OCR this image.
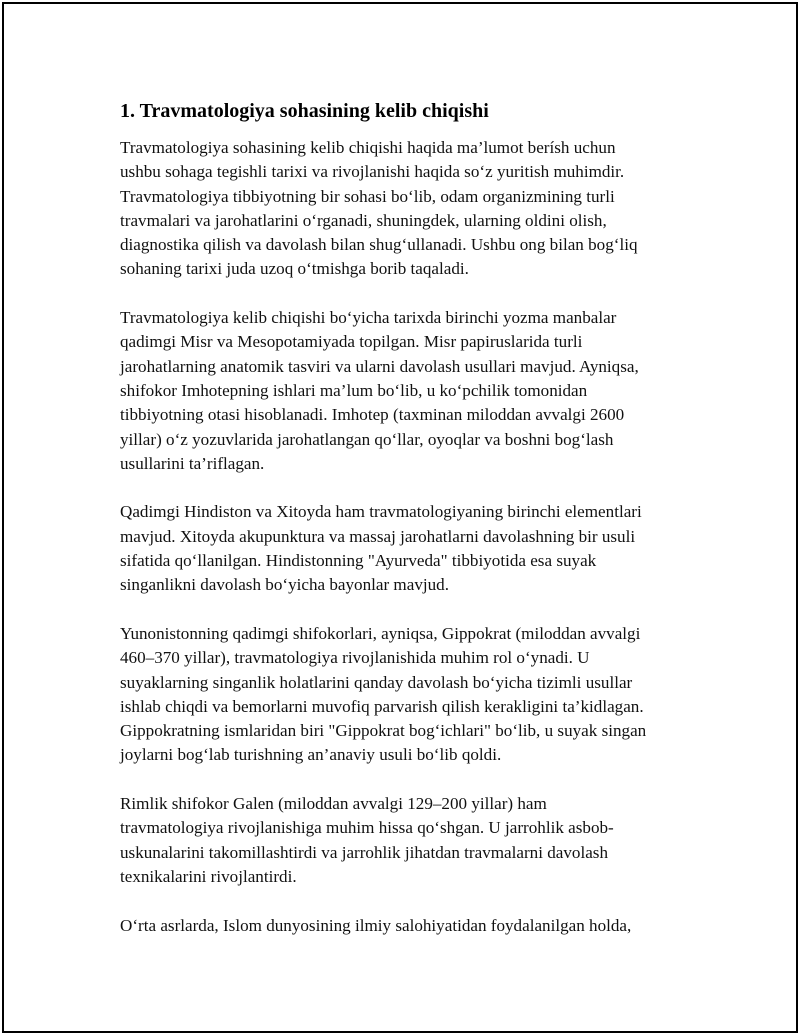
1. Travmatologiya sohasining kelib chiqishi

Travmatologiya sohasining kelib chiqishi haqida ma’lumot berísh uchun
ushbu sohaga tegishli tarixi va rivojlanishi haqida so‘z yuritish muhimdir.
Travmatologiya tibbiyotning bir sohasi bo‘lib, odam organizmining turli
travmalari va jarohatlarini o‘rganadi, shuningdek, ularning oldini olish,
diagnostika qilish va davolash bilan shug‘ullanadi. Ushbu ong bilan bog‘liq
sohaning tarixi juda uzoq o‘tmishga borib taqaladi.

Travmatologiya kelib chiqishi bo‘yicha tarixda birinchi yozma manbalar
qadimgi Misr va Mesopotamiyada topilgan. Misr papiruslarida turli
jarohatlarning anatomik tasviri va ularni davolash usullari mavjud. Ayniqsa,
shifokor Imhotepning ishlari ma’lum bo‘lib, u ko‘pchilik tomonidan
tibbiyotning otasi hisoblanadi. Imhotep (taxminan miloddan avvalgi 2600
yillar) o‘z yozuvlarida jarohatlangan qo‘llar, oyoqlar va boshni bog‘lash
usullarini ta’riflagan.

Qadimgi Hindiston va Xitoyda ham travmatologiyaning birinchi elementlari
mavjud. Xitoyda akupunktura va massaj jarohatlarni davolashning bir usuli
sifatida qo‘llanilgan. Hindistonning "Ayurveda" tibbiyotida esa suyak
singanlikni davolash bo‘yicha bayonlar mavjud.

Yunonistonning qadimgi shifokorlari, ayniqsa, Gippokrat (miloddan avvalgi
460–370 yillar), travmatologiya rivojlanishida muhim rol o‘ynadi. U
suyaklarning singanlik holatlarini qanday davolash bo‘yicha tizimli usullar
ishlab chiqdi va bemorlarni muvofiq parvarish qilish kerakligini ta’kidlagan.
Gippokratning ismlaridan biri "Gippokrat bog‘ichlari" bo‘lib, u suyak singan
joylarni bog‘lab turishning an’anaviy usuli bo‘lib qoldi.

Rimlik shifokor Galen (miloddan avvalgi 129–200 yillar) ham
travmatologiya rivojlanishiga muhim hissa qo‘shgan. U jarrohlik asbob-
uskunalarini takomillashtirdi va jarrohlik jihatdan travmalarni davolash
texnikalarini rivojlantirdi.

O‘rta asrlarda, Islom dunyosining ilmiy salohiyatidan foydalanilgan holda,
